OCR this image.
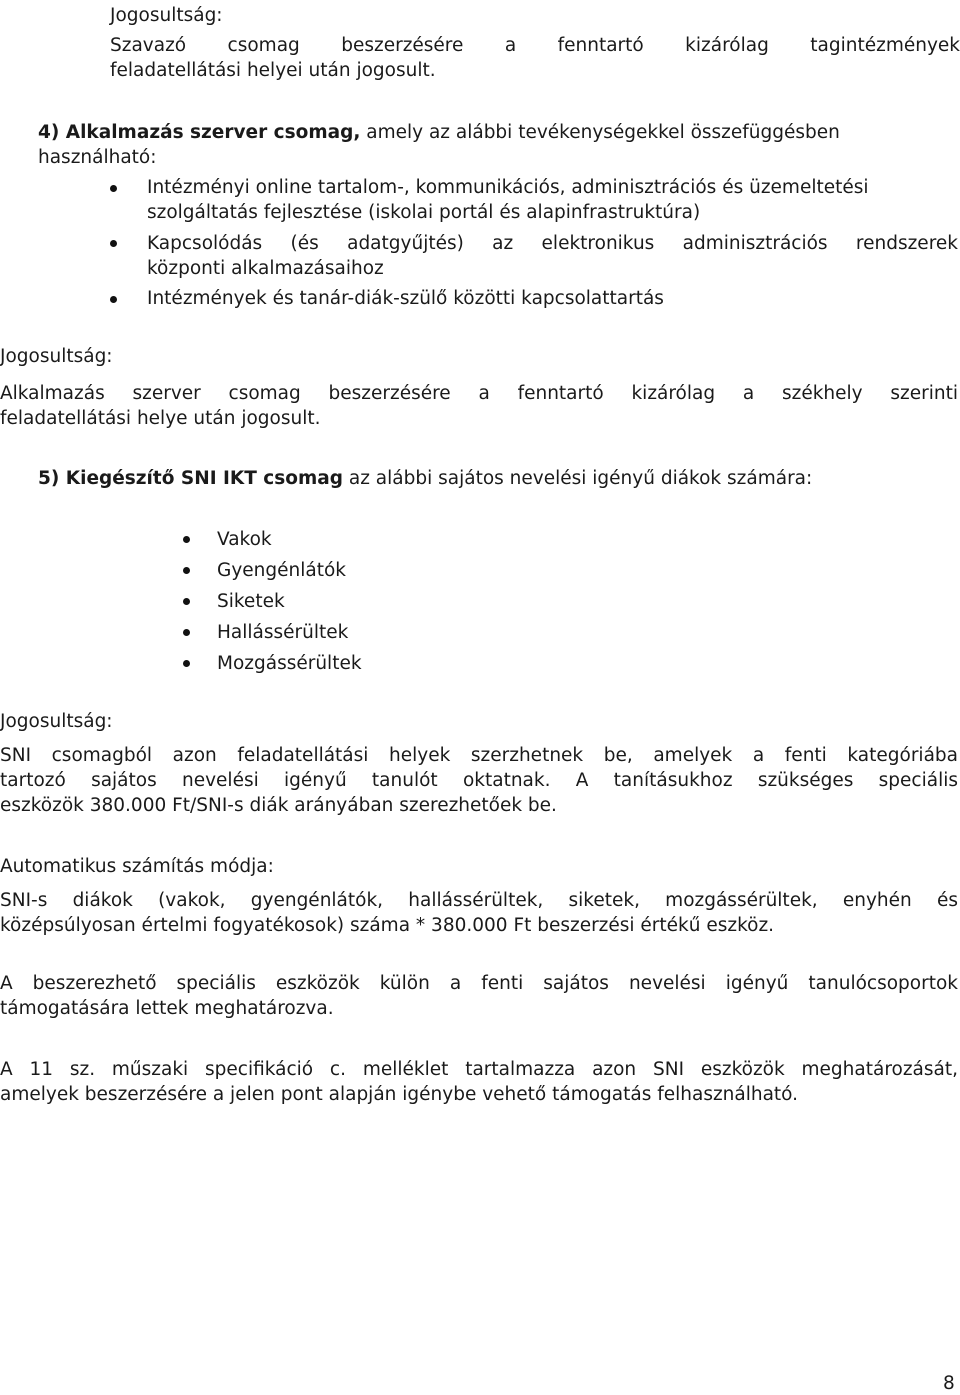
Jogosultság:
Szavazó csomag beszerzésére a fenntartó kizárólag tagintézmények
feladatellátási helyei után jogosult.
4) Alkalmazás szerver csomag, amely az alábbi tevékenységekkel összefüggésben
használható:
Intézményi online tartalom-, kommunikációs, adminisztrációs és üzemeltetési
szolgáltatás fejlesztése (iskolai portál és alapinfrastruktúra)
Kapcsolódás (és adatgyűjtés) az elektronikus adminisztrációs rendszerek
központi alkalmazásaihoz
Intézmények és tanár-diák-szülő közötti kapcsolattartás
Jogosultság:
Alkalmazás szerver csomag beszerzésére a fenntartó kizárólag a székhely szerinti
feladatellátási helye után jogosult.
5) Kiegészítő SNI IKT csomag az alábbi sajátos nevelési igényű diákok számára:
Vakok
Gyengénlátók
Siketek
Hallássérültek
Mozgássérültek
Jogosultság:
SNI csomagból azon feladatellátási helyek szerzhetnek be, amelyek a fenti kategóriába
tartozó sajátos nevelési igényű tanulót oktatnak. A tanításukhoz szükséges speciális
eszközök 380.000 Ft/SNI-s diák arányában szerezhetőek be.
Automatikus számítás módja:
SNI-s diákok (vakok, gyengénlátók, hallássérültek, siketek, mozgássérültek, enyhén és
középsúlyosan értelmi fogyatékosok) száma * 380.000 Ft beszerzési értékű eszköz.
A beszerezhető speciális eszközök külön a fenti sajátos nevelési igényű tanulócsoportok
támogatására lettek meghatározva.
A 11 sz. műszaki specifikáció c. melléklet tartalmazza azon SNI eszközök meghatározását,
amelyek beszerzésére a jelen pont alapján igénybe vehető támogatás felhasználható.
8
